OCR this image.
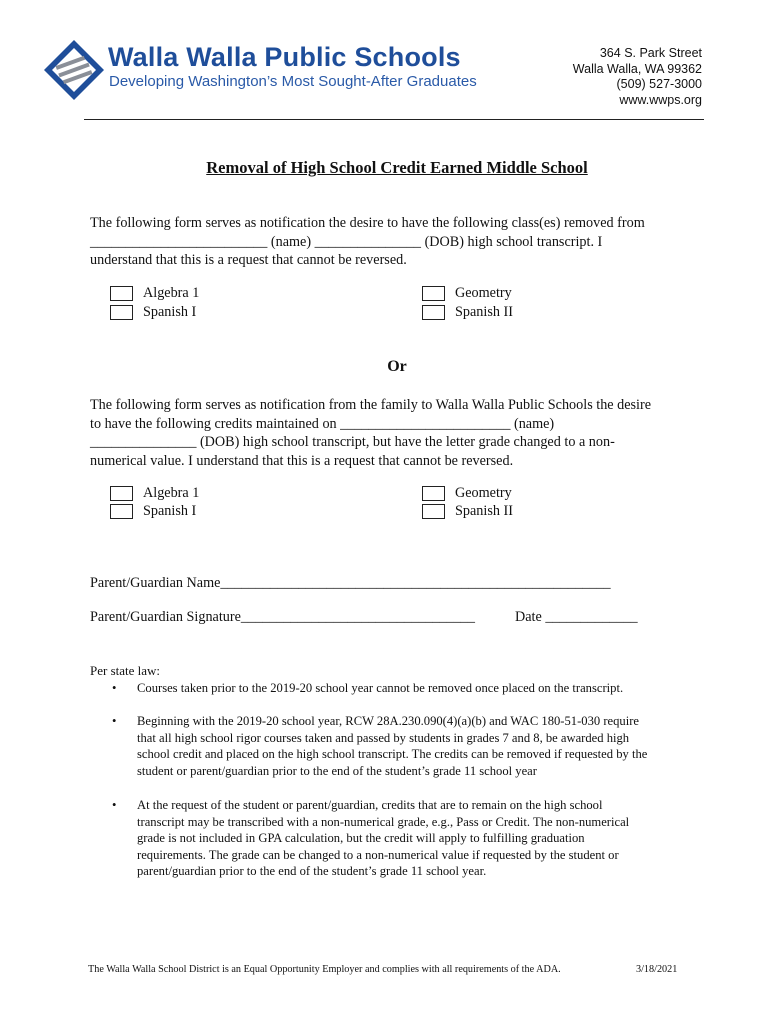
Walla Walla Public Schools
Developing Washington’s Most Sought-After Graduates
364 S. Park Street
Walla Walla, WA 99362
(509) 527-3000
www.wwps.org
Removal of High School Credit Earned Middle School
The following form serves as notification the desire to have the following class(es) removed from
_________________________ (name) _______________ (DOB) high school transcript. I
understand that this is a request that cannot be reversed.
Algebra 1
Spanish I
Geometry
Spanish II
Or
The following form serves as notification from the family to Walla Walla Public Schools the desire
to have the following credits maintained on ________________________ (name)
_______________ (DOB) high school transcript, but have the letter grade changed to a non-
numerical value. I understand that this is a request that cannot be reversed.
Algebra 1
Spanish I
Geometry
Spanish II
Parent/Guardian Name_______________________________________________________
Parent/Guardian Signature_________________________________	Date _____________
Per state law:
• Courses taken prior to the 2019-20 school year cannot be removed once placed on the transcript.
• Beginning with the 2019-20 school year, RCW 28A.230.090(4)(a)(b) and WAC 180-51-030 require
that all high school rigor courses taken and passed by students in grades 7 and 8, be awarded high
school credit and placed on the high school transcript. The credits can be removed if requested by the
student or parent/guardian prior to the end of the student’s grade 11 school year
• At the request of the student or parent/guardian, credits that are to remain on the high school
transcript may be transcribed with a non-numerical grade, e.g., Pass or Credit. The non-numerical
grade is not included in GPA calculation, but the credit will apply to fulfilling graduation
requirements. The grade can be changed to a non-numerical value if requested by the student or
parent/guardian prior to the end of the student’s grade 11 school year.
The Walla Walla School District is an Equal Opportunity Employer and complies with all requirements of the ADA.	3/18/2021
